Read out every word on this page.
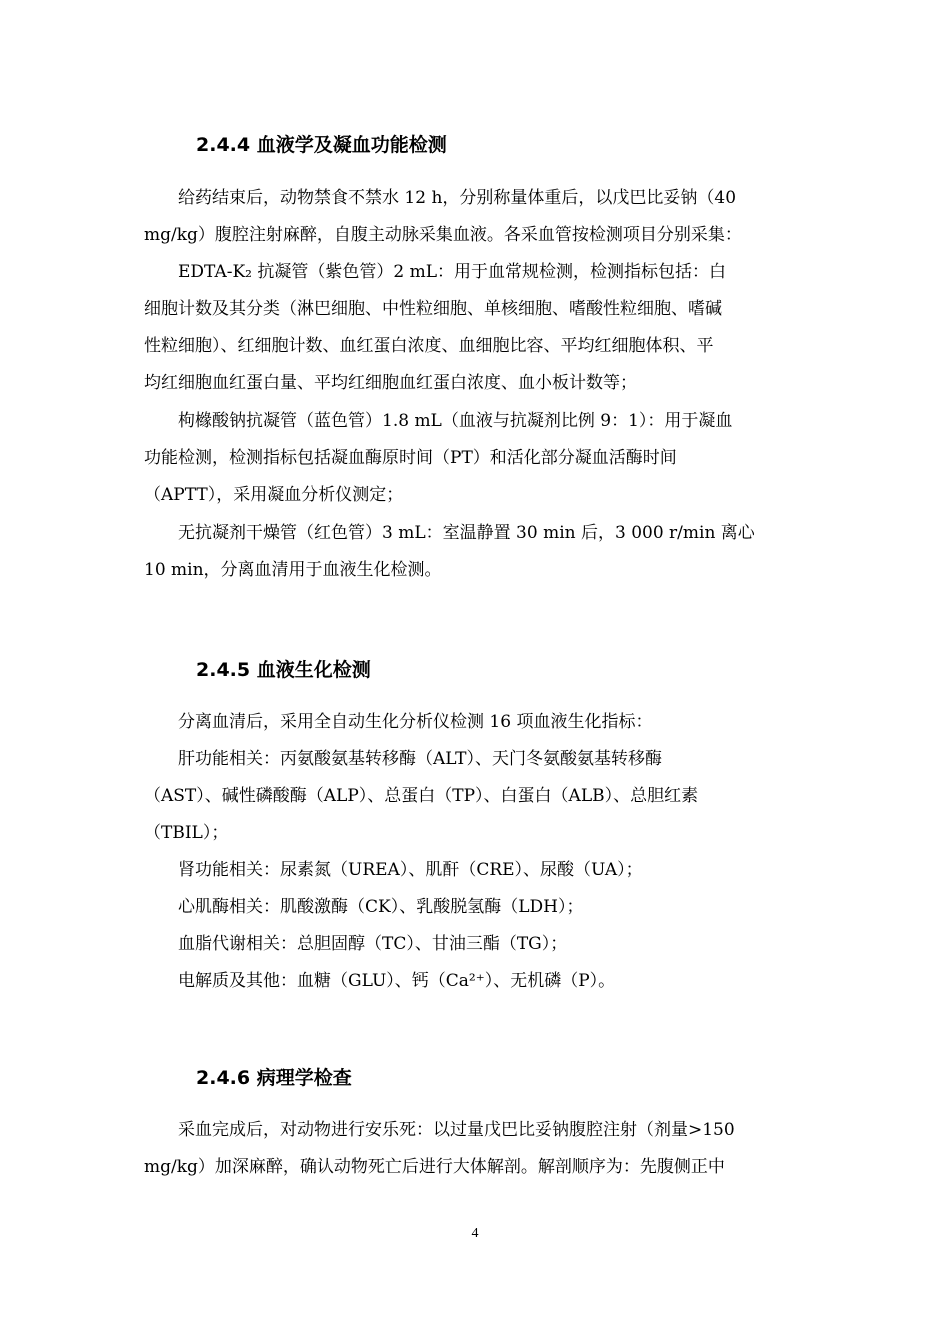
2.4.4 血液学及凝血功能检测
给药结束后，动物禁食不禁水 12 h，分别称量体重后，以戊巴比妥钠（40
mg/kg）腹腔注射麻醉，自腹主动脉采集血液。各采血管按检测项目分别采集：
EDTA-K₂ 抗凝管（紫色管）2 mL：用于血常规检测，检测指标包括：白
细胞计数及其分类（淋巴细胞、中性粒细胞、单核细胞、嗜酸性粒细胞、嗜碱
性粒细胞）、红细胞计数、血红蛋白浓度、血细胞比容、平均红细胞体积、平
均红细胞血红蛋白量、平均红细胞血红蛋白浓度、血小板计数等；
枸橼酸钠抗凝管（蓝色管）1.8 mL（血液与抗凝剂比例 9：1）：用于凝血
功能检测，检测指标包括凝血酶原时间（PT）和活化部分凝血活酶时间
（APTT），采用凝血分析仪测定；
无抗凝剂干燥管（红色管）3 mL：室温静置 30 min 后，3 000 r/min 离心
10 min，分离血清用于血液生化检测。
2.4.5 血液生化检测
分离血清后，采用全自动生化分析仪检测 16 项血液生化指标：
肝功能相关：丙氨酸氨基转移酶（ALT）、天门冬氨酸氨基转移酶
（AST）、碱性磷酸酶（ALP）、总蛋白（TP）、白蛋白（ALB）、总胆红素
（TBIL）；
肾功能相关：尿素氮（UREA）、肌酐（CRE）、尿酸（UA）；
心肌酶相关：肌酸激酶（CK）、乳酸脱氢酶（LDH）；
血脂代谢相关：总胆固醇（TC）、甘油三酯（TG）；
电解质及其他：血糖（GLU）、钙（Ca²⁺）、无机磷（P）。
2.4.6 病理学检查
采血完成后，对动物进行安乐死：以过量戊巴比妥钠腹腔注射（剂量>150
mg/kg）加深麻醉，确认动物死亡后进行大体解剖。解剖顺序为：先腹侧正中
4
